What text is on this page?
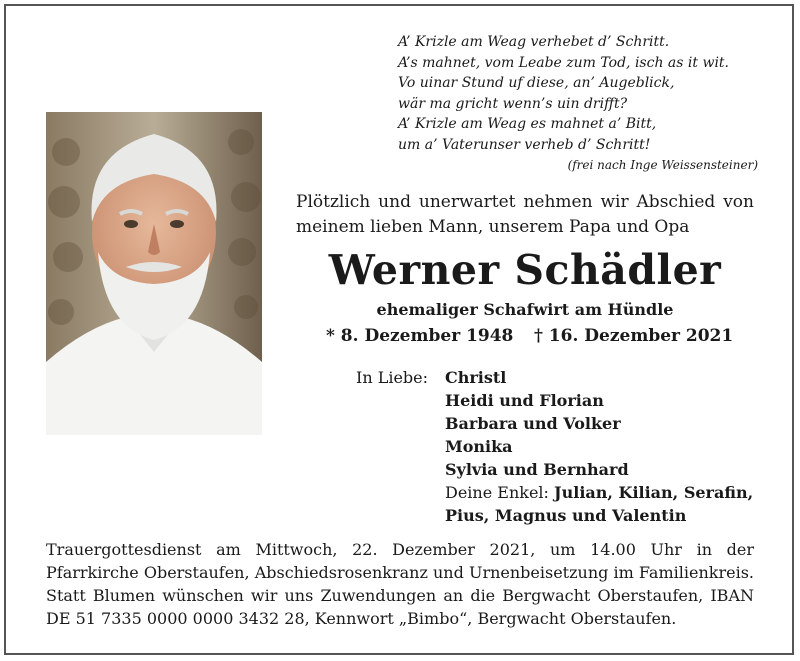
A’ Krizle am Weag verhebet d’ Schritt.
A’s mahnet, vom Leabe zum Tod, isch as it wit.
Vo uinar Stund uf diese, an’ Augeblick,
wär ma gricht wenn’s uin drifft?
A’ Krizle am Weag es mahnet a’ Bitt,
um a’ Vaterunser verheb d’ Schritt!
(frei nach Inge Weissensteiner)
Plötzlich und unerwartet nehmen wir Abschied von meinem lieben Mann, unserem Papa und Opa
Werner Schädler
ehemaliger Schafwirt am Hündle
* 8. Dezember 1948 † 16. Dezember 2021
In Liebe: Christl
Heidi und Florian
Barbara und Volker
Monika
Sylvia und Bernhard
Deine Enkel: Julian, Kilian, Serafin,
Pius, Magnus und Valentin
Trauergottesdienst am Mittwoch, 22. Dezember 2021, um 14.00 Uhr in der Pfarrkirche Oberstaufen, Abschiedsrosenkranz und Urnenbeisetzung im Familienkreis. Statt Blumen wünschen wir uns Zuwendungen an die Bergwacht Oberstaufen, IBAN DE 51 7335 0000 0000 3432 28, Kennwort „Bimbo“, Bergwacht Oberstaufen.
